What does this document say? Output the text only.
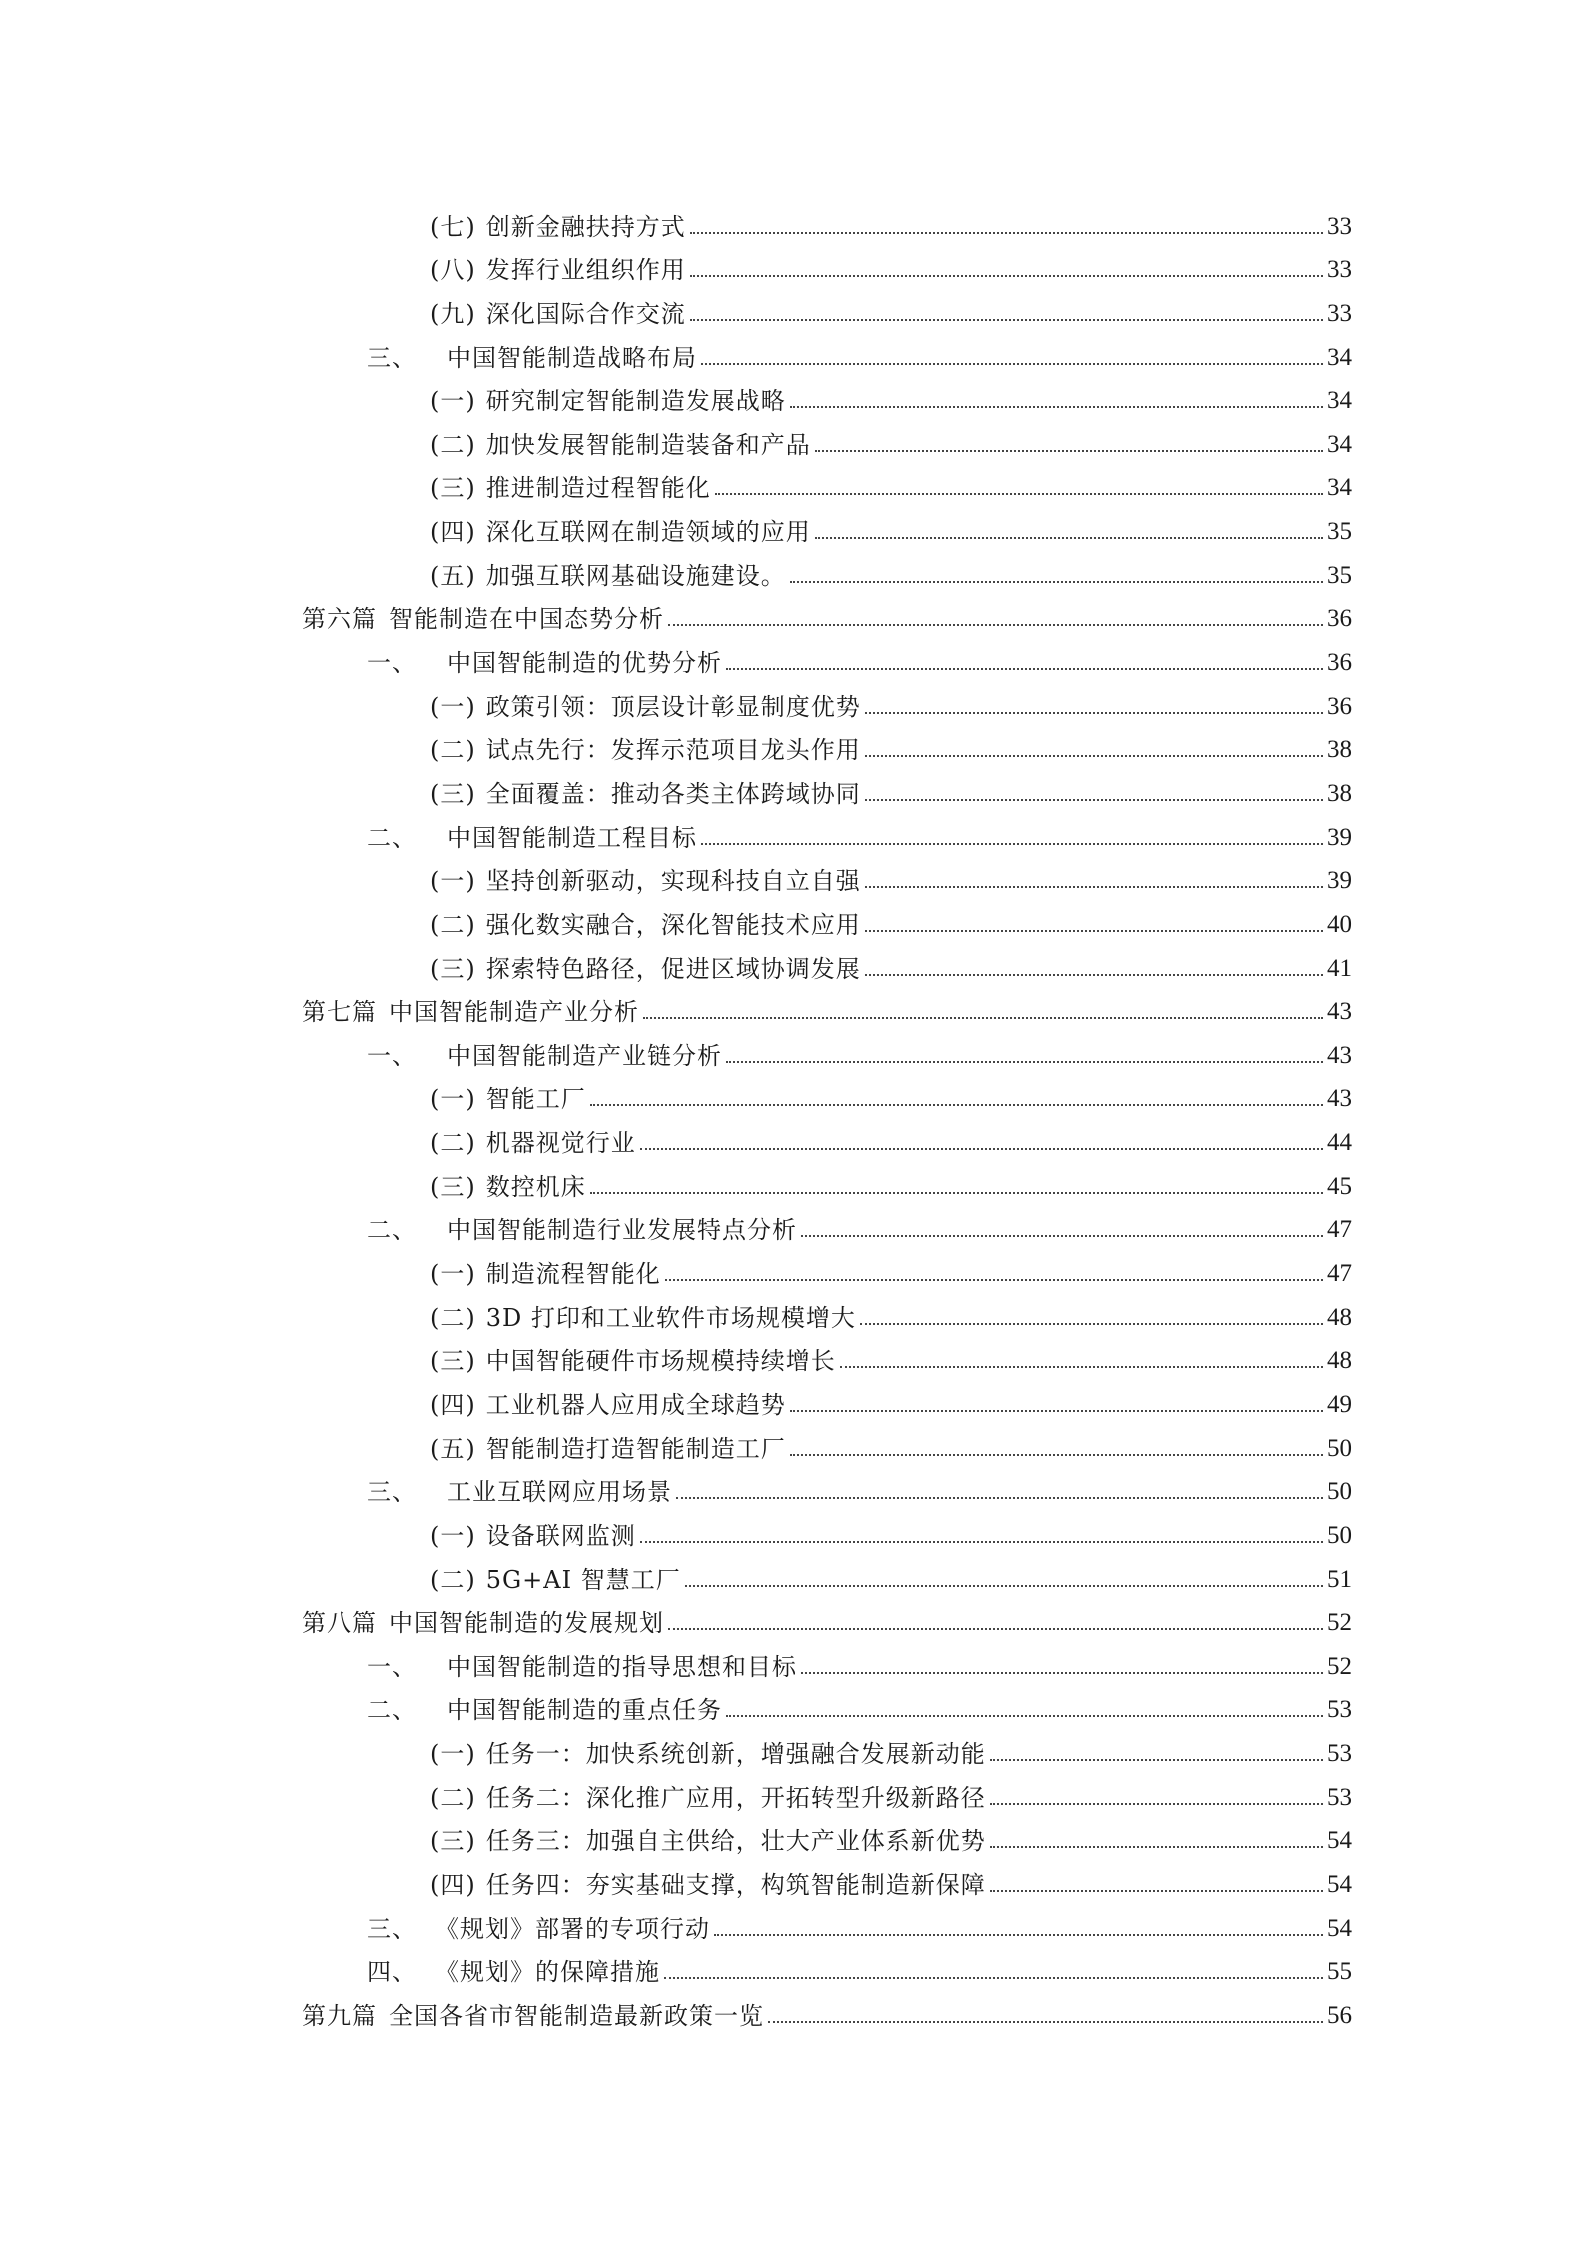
(七) 创新金融扶持方式	33
(八) 发挥行业组织作用	33
(九) 深化国际合作交流	33
三、 中国智能制造战略布局	34
(一) 研究制定智能制造发展战略	34
(二) 加快发展智能制造装备和产品	34
(三) 推进制造过程智能化	34
(四) 深化互联网在制造领域的应用	35
(五) 加强互联网基础设施建设。	35
第六篇 智能制造在中国态势分析	36
一、 中国智能制造的优势分析	36
(一) 政策引领：顶层设计彰显制度优势	36
(二) 试点先行：发挥示范项目龙头作用	38
(三) 全面覆盖：推动各类主体跨域协同	38
二、 中国智能制造工程目标	39
(一) 坚持创新驱动，实现科技自立自强	39
(二) 强化数实融合，深化智能技术应用	40
(三) 探索特色路径，促进区域协调发展	41
第七篇 中国智能制造产业分析	43
一、 中国智能制造产业链分析	43
(一) 智能工厂	43
(二) 机器视觉行业	44
(三) 数控机床	45
二、 中国智能制造行业发展特点分析	47
(一) 制造流程智能化	47
(二) 3D 打印和工业软件市场规模增大	48
(三) 中国智能硬件市场规模持续增长	48
(四) 工业机器人应用成全球趋势	49
(五) 智能制造打造智能制造工厂	50
三、 工业互联网应用场景	50
(一) 设备联网监测	50
(二) 5G+AI 智慧工厂	51
第八篇 中国智能制造的发展规划	52
一、 中国智能制造的指导思想和目标	52
二、 中国智能制造的重点任务	53
(一) 任务一：加快系统创新，增强融合发展新动能	53
(二) 任务二：深化推广应用，开拓转型升级新路径	53
(三) 任务三：加强自主供给，壮大产业体系新优势	54
(四) 任务四：夯实基础支撑，构筑智能制造新保障	54
三、 《规划》部署的专项行动	54
四、 《规划》的保障措施	55
第九篇 全国各省市智能制造最新政策一览	56
